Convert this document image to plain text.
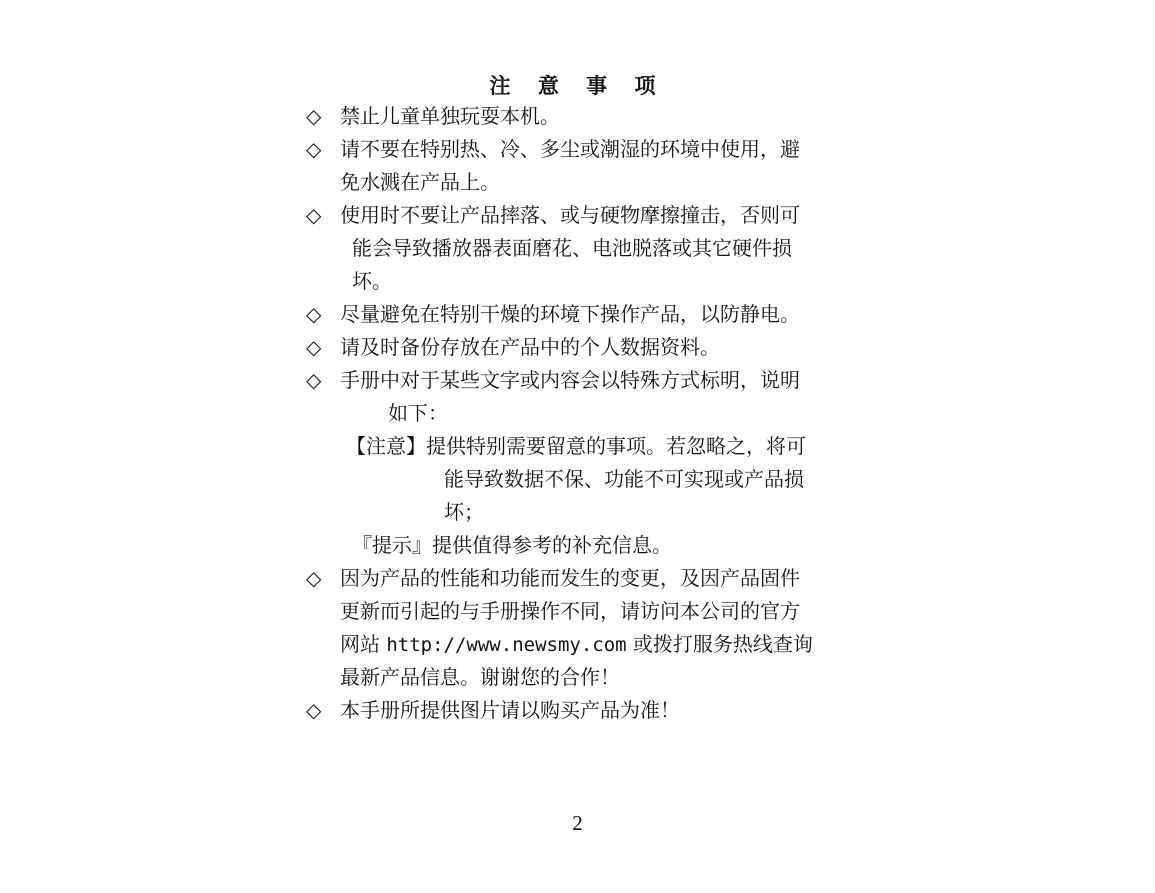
注 意 事 项
◇ 禁止儿童单独玩耍本机。
◇ 请不要在特别热、冷、多尘或潮湿的环境中使用，避
免水溅在产品上。
◇ 使用时不要让产品摔落、或与硬物摩擦撞击，否则可
能会导致播放器表面磨花、电池脱落或其它硬件损
坏。
◇ 尽量避免在特别干燥的环境下操作产品，以防静电。
◇ 请及时备份存放在产品中的个人数据资料。
◇ 手册中对于某些文字或内容会以特殊方式标明，说明
如下：
【注意】提供特别需要留意的事项。若忽略之，将可
能导致数据不保、功能不可实现或产品损
坏；
『提示』提供值得参考的补充信息。
◇ 因为产品的性能和功能而发生的变更，及因产品固件
更新而引起的与手册操作不同，请访问本公司的官方
网站 http://www.newsmy.com 或拨打服务热线查询
最新产品信息。谢谢您的合作！
◇ 本手册所提供图片请以购买产品为准！
2
